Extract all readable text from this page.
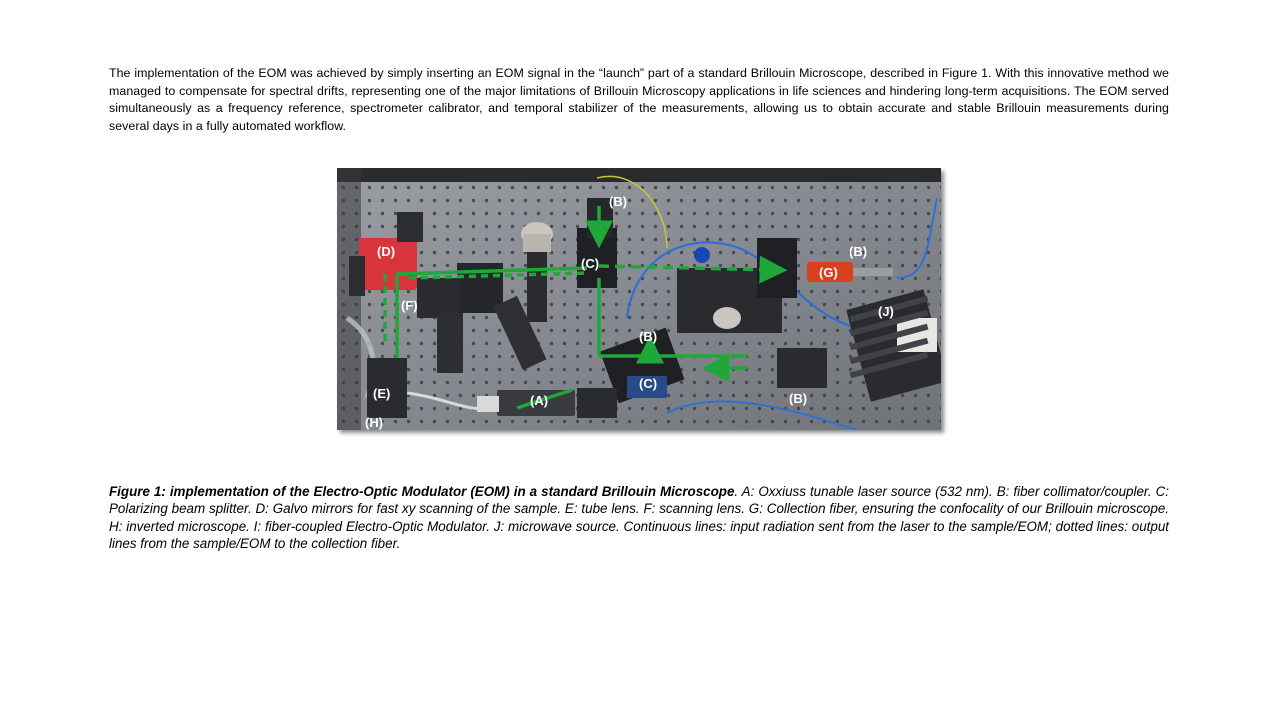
The implementation of the EOM was achieved by simply inserting an EOM signal in the “launch” part of a standard Brillouin Microscope, described in Figure 1. With this innovative method we managed to compensate for spectral drifts, representing one of the major limitations of Brillouin Microscopy applications in life sciences and hindering long-term acquisitions. The EOM served simultaneously as a frequency reference, spectrometer calibrator, and temporal stabilizer of the measurements, allowing us to obtain accurate and stable Brillouin measurements during several days in a fully automated workflow.

(A)
(B)
(B)
(B)
(B)
(C)
(C)
(D)
(E)
(F)
(G)
(H)
(J)

Figure 1: implementation of the Electro-Optic Modulator (EOM) in a standard Brillouin Microscope. A: Oxxiuss tunable laser source (532 nm). B: fiber collimator/coupler. C: Polarizing beam splitter. D: Galvo mirrors for fast xy scanning of the sample. E: tube lens. F: scanning lens. G: Collection fiber, ensuring the confocality of our Brillouin microscope. H: inverted microscope. I: fiber-coupled Electro-Optic Modulator. J: microwave source. Continuous lines: input radiation sent from the laser to the sample/EOM; dotted lines: output lines from the sample/EOM to the collection fiber.
